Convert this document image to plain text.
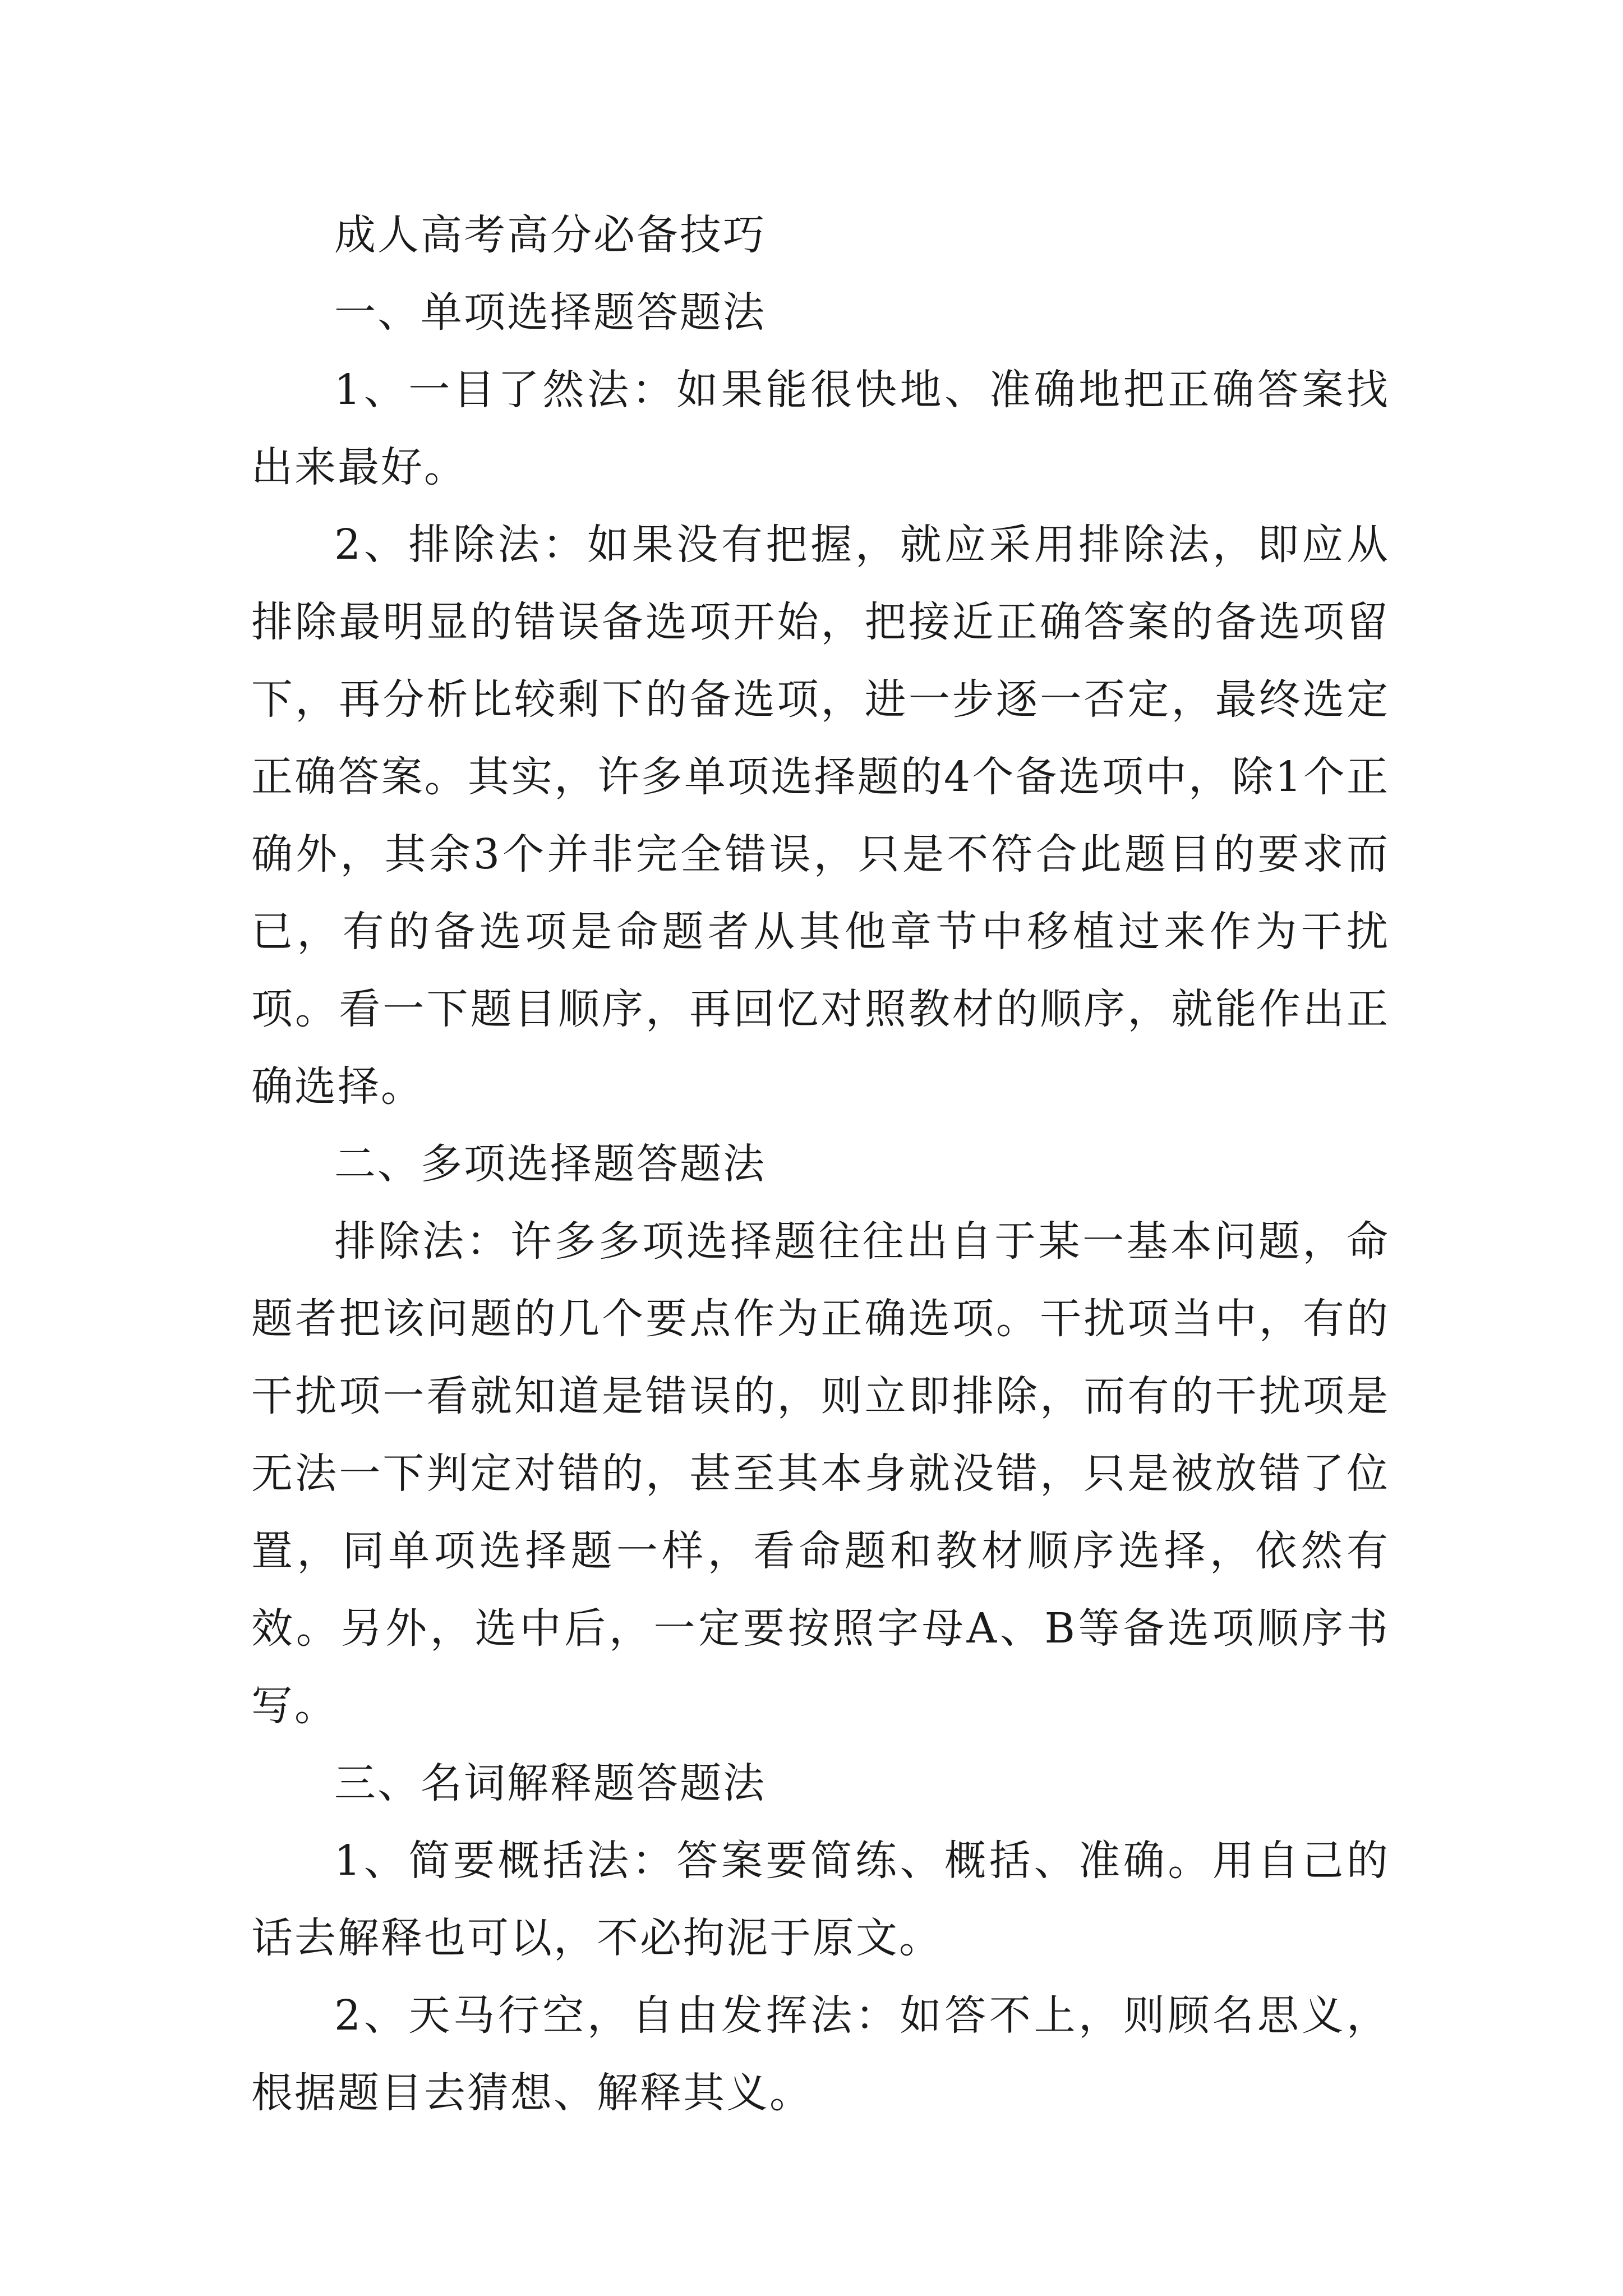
成人高考高分必备技巧

一、单项选择题答题法

1、一目了然法：如果能很快地、准确地把正确答案找出来最好。

2、排除法：如果没有把握，就应采用排除法，即应从排除最明显的错误备选项开始，把接近正确答案的备选项留下，再分析比较剩下的备选项，进一步逐一否定，最终选定正确答案。其实，许多单项选择题的4个备选项中，除1个正确外，其余3个并非完全错误，只是不符合此题目的要求而已，有的备选项是命题者从其他章节中移植过来作为干扰项。看一下题目顺序，再回忆对照教材的顺序，就能作出正确选择。

二、多项选择题答题法

排除法：许多多项选择题往往出自于某一基本问题，命题者把该问题的几个要点作为正确选项。干扰项当中，有的干扰项一看就知道是错误的，则立即排除，而有的干扰项是无法一下判定对错的，甚至其本身就没错，只是被放错了位置，同单项选择题一样，看命题和教材顺序选择，依然有效。另外，选中后，一定要按照字母A、B等备选项顺序书写。

三、名词解释题答题法

1、简要概括法：答案要简练、概括、准确。用自己的话去解释也可以，不必拘泥于原文。

2、天马行空，自由发挥法：如答不上，则顾名思义，根据题目去猜想、解释其义。
